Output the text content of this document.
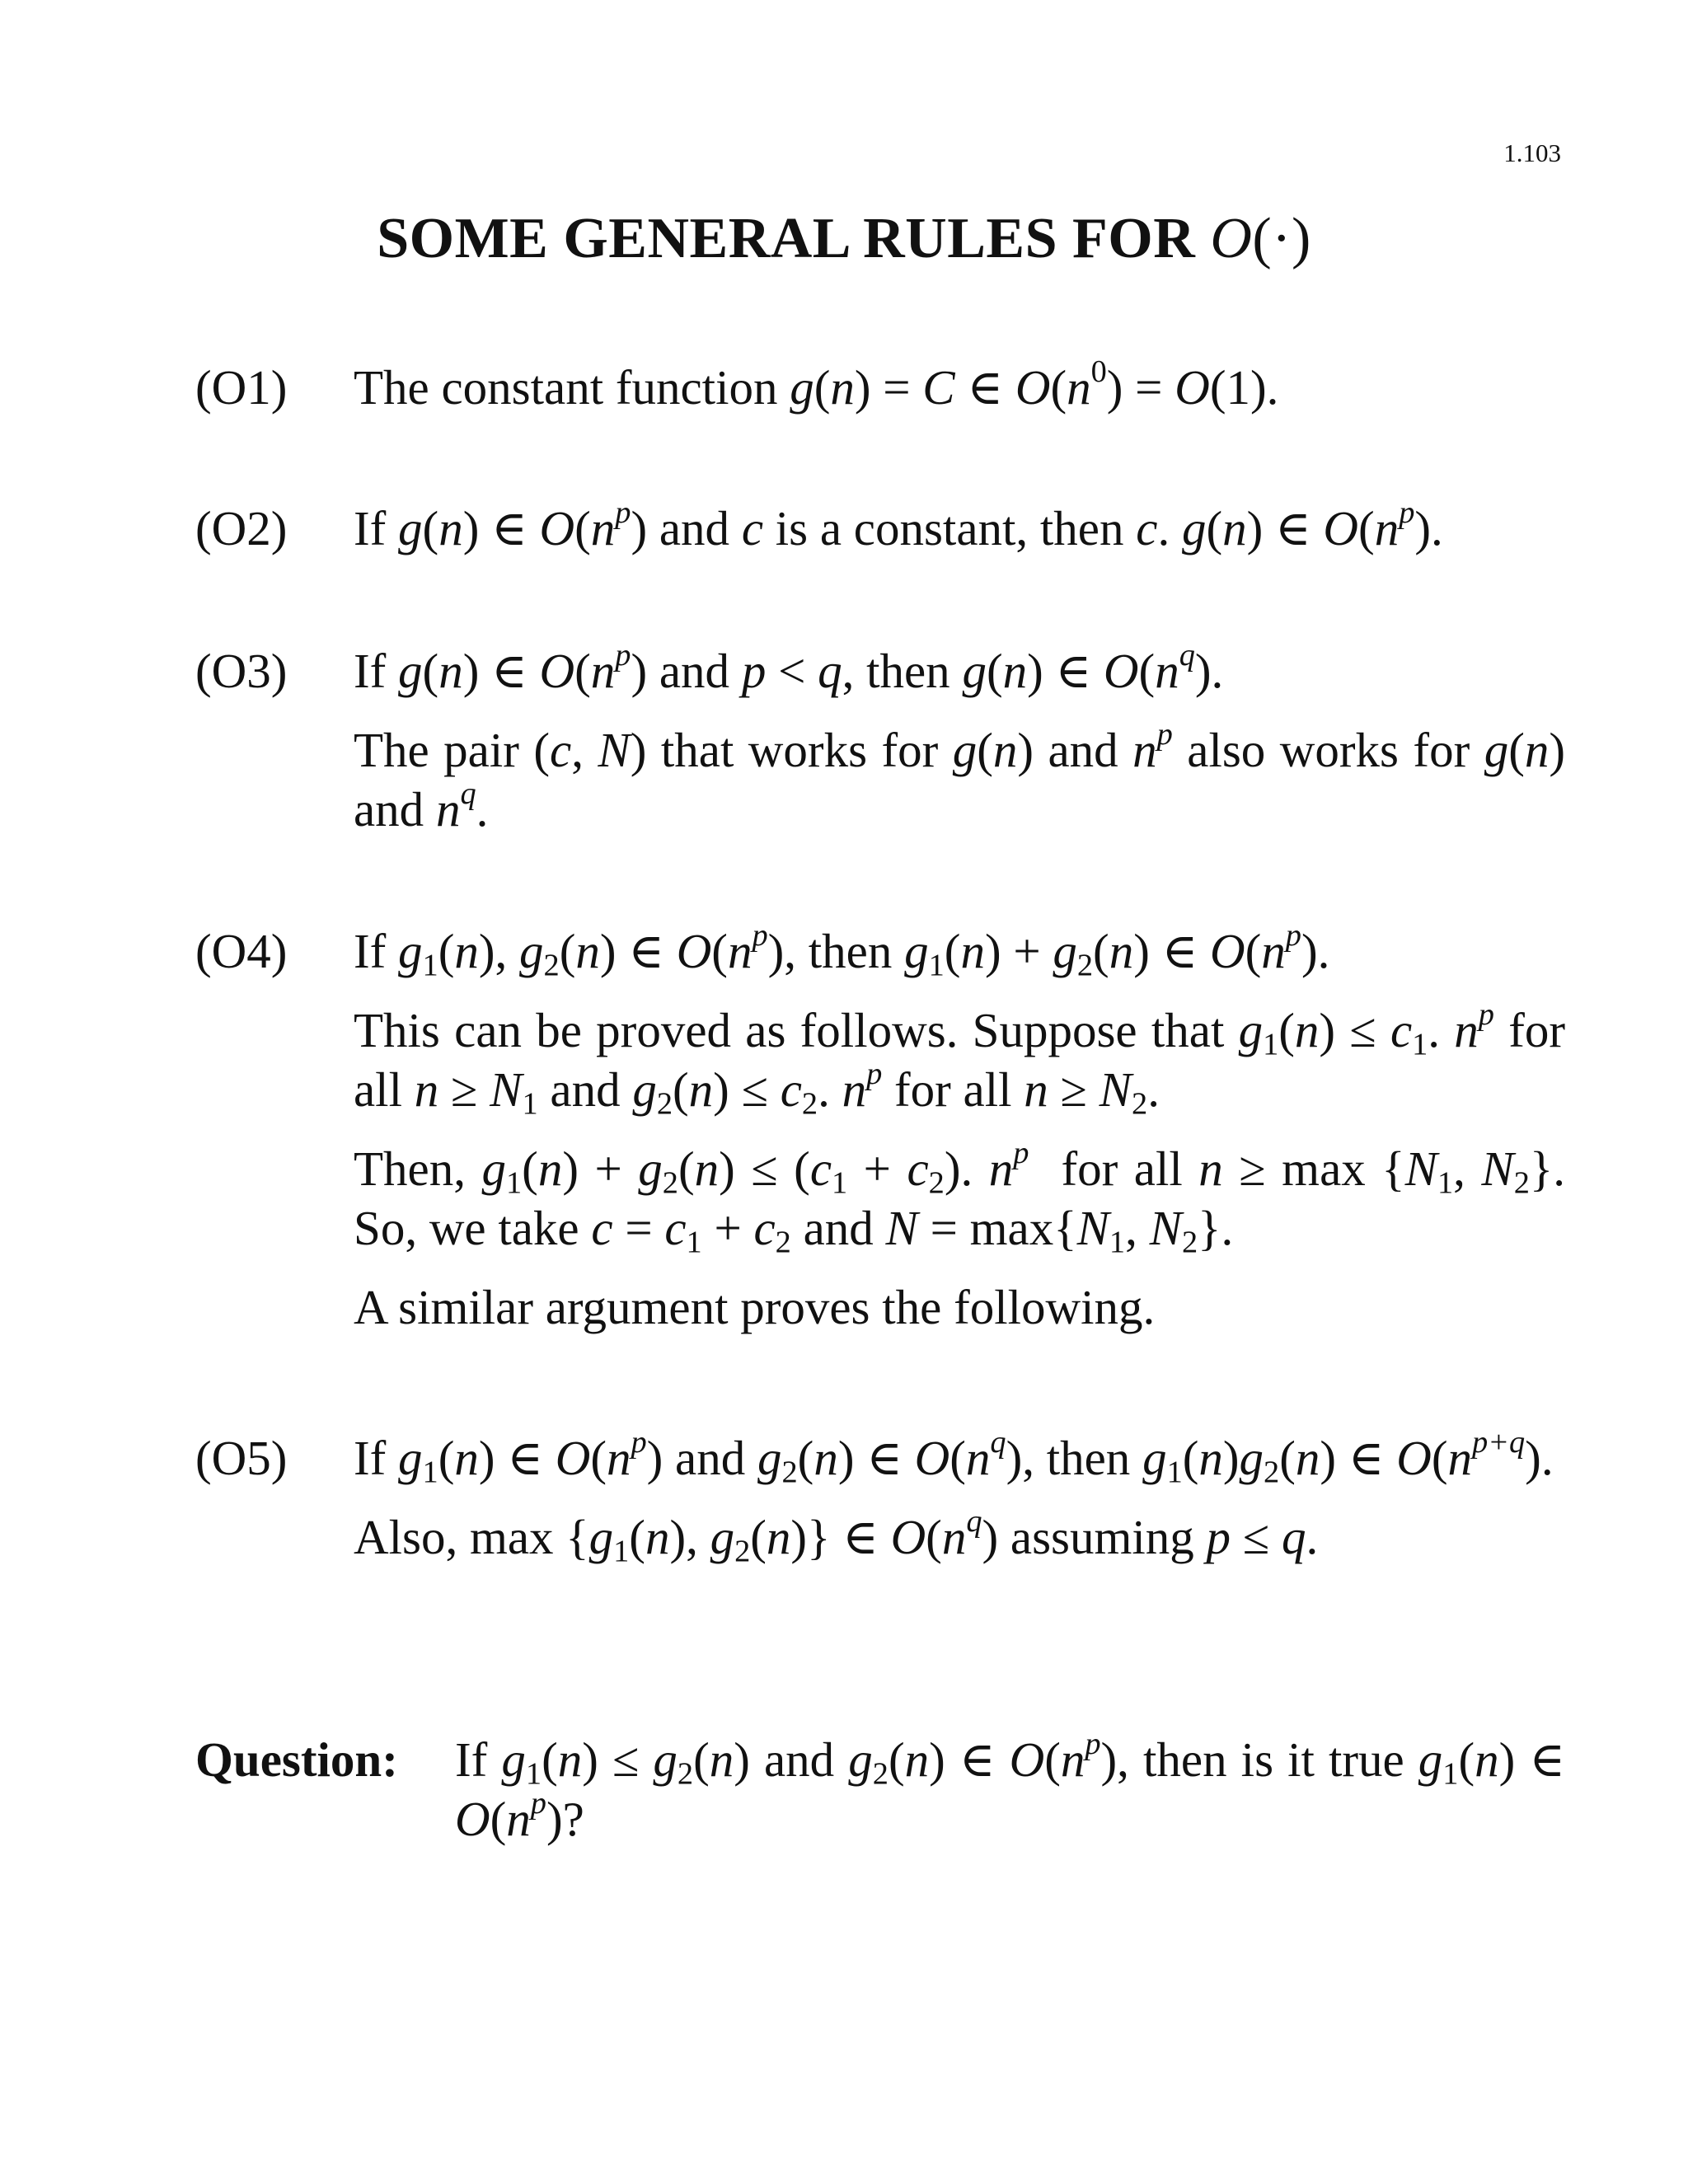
1.103
SOME GENERAL RULES FOR O(·)
(O1) The constant function g(n) = C ∈ $O(n^0) = O(1)$.

(O2) If g(n) ∈ $O(n^p)$ and c is a constant, then c. g(n) ∈ $O(n^p)$.

(O3) If g(n) ∈ $O(n^p)$ and p < q, then g(n) ∈ $O(n^q)$.

The pair (c, N) that works for g(n) and $n^p$ also works for g(n) and $n^q$.

(O4) If $g_1(n)$, $g_2(n)$ ∈ $O(n^p)$, then $g_1(n) + g_2(n)$ ∈ $O(n^p)$.

This can be proved as follows. Suppose that $g_1(n) \le c_1$. $n^p$ for all $n \ge N_1$ and $g_2(n) \le c_2$. $n^p$ for all $n \ge N_2$.

Then, $g_1(n) + g_2(n) \le (c_1 + c_2)$. $n^p$  for all $n \ge \max \{N_1$, $N_2$}. So, we take $c = c_1 + c_2$ and $N = \max\{N_1$, $N_2$}.

A similar argument proves the following.

(O5) If $g_1(n)$ ∈ $O(n^p)$ and $g_2(n)$ ∈ $O(n^q)$, then $g_1(n)g_2(n)$ ∈ $O(n^{p+q})$.

Also, $\max \{g_1(n)$, $g_2(n)$} ∈ $O(n^q)$ assuming p ≤ q.

Question: If $g_1(n) \le g_2(n)$ and $g_2(n)$ ∈ $O(n^p)$, then is it true $g_1(n)$ ∈ $O(n^p)$?
